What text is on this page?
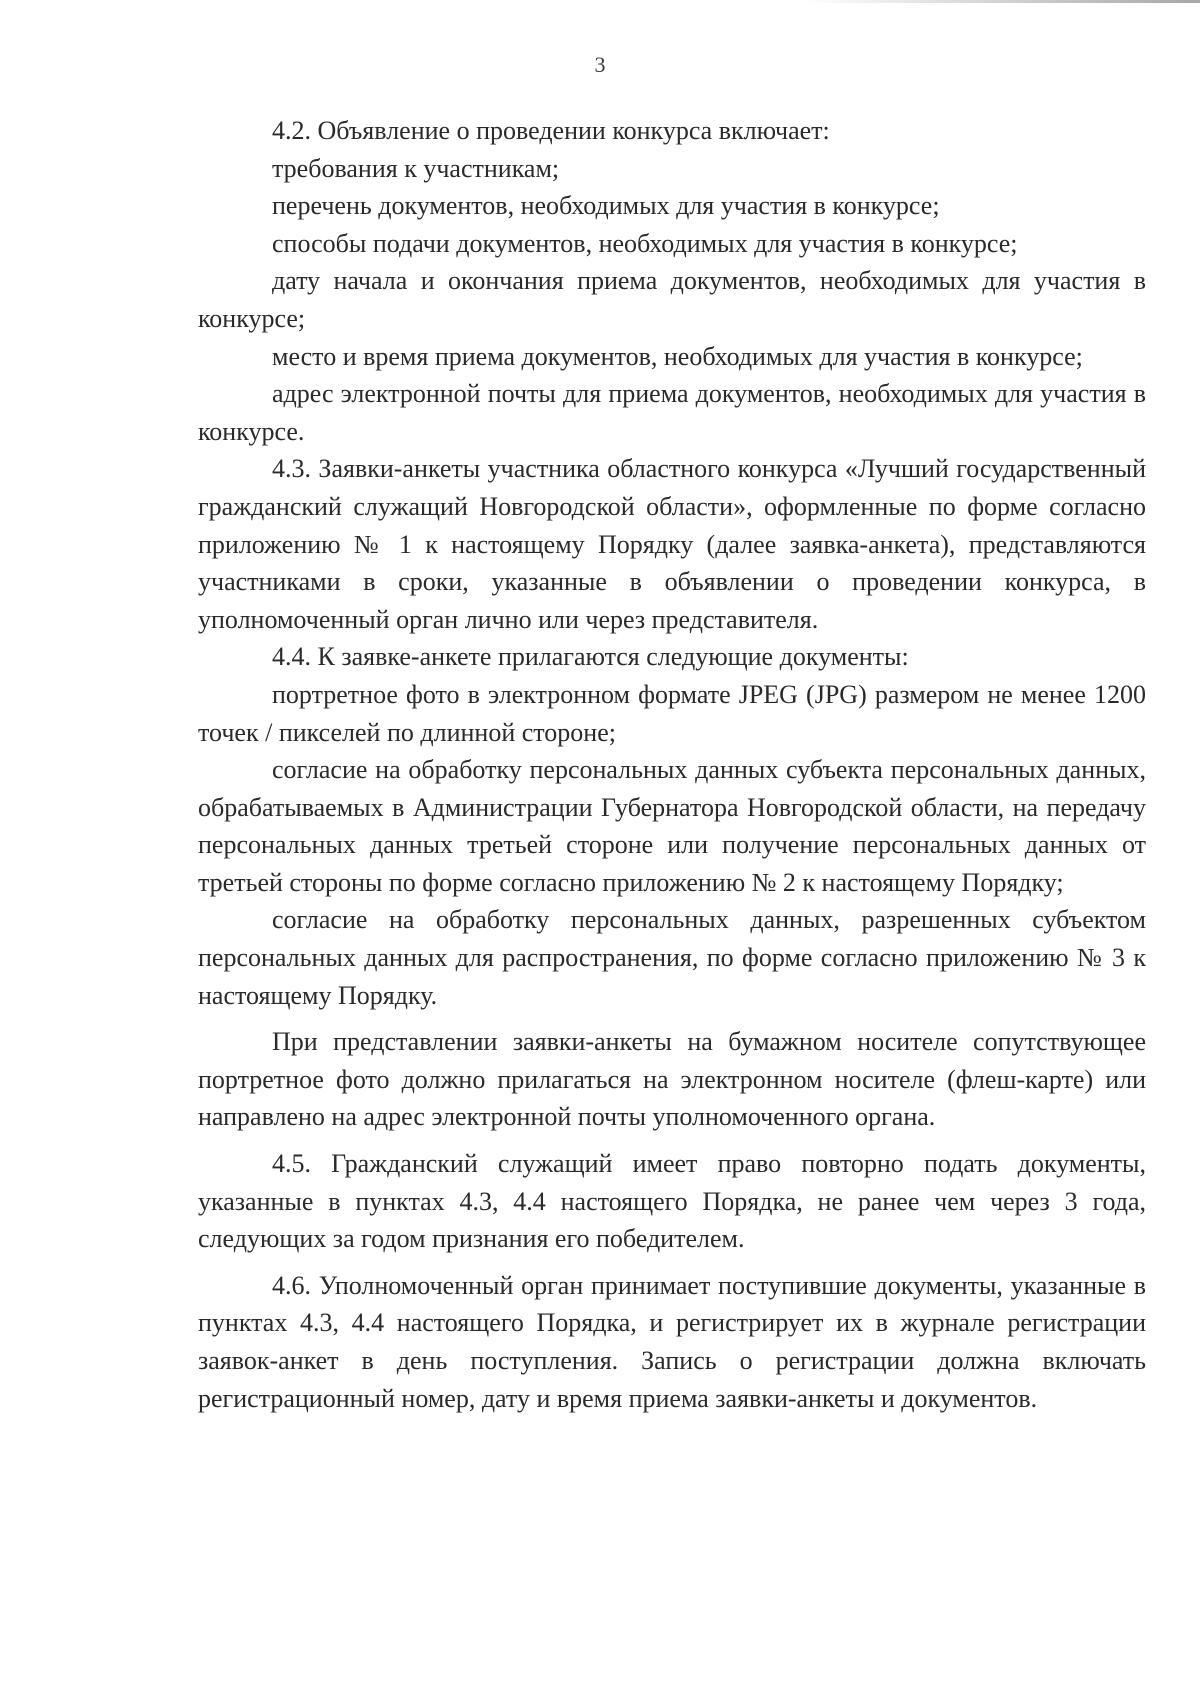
3

4.2. Объявление о проведении конкурса включает:

требования к участникам;

перечень документов, необходимых для участия в конкурсе;

способы подачи документов, необходимых для участия в конкурсе;

дату начала и окончания приема документов, необходимых для участия в конкурсе;

место и время приема документов, необходимых для участия в конкурсе;

адрес электронной почты для приема документов, необходимых для участия в конкурсе.

4.3. Заявки-анкеты участника областного конкурса «Лучший государственный гражданский служащий Новгородской области», оформленные по форме согласно приложению № 1 к настоящему Порядку (далее заявка-анкета), представляются участниками в сроки, указанные в объявлении о проведении конкурса, в уполномоченный орган лично или через представителя.

4.4. К заявке-анкете прилагаются следующие документы:

портретное фото в электронном формате JPEG (JPG) размером не менее 1200 точек / пикселей по длинной стороне;

согласие на обработку персональных данных субъекта персональных данных, обрабатываемых в Администрации Губернатора Новгородской области, на передачу персональных данных третьей стороне или получение персональных данных от третьей стороны по форме согласно приложению № 2 к настоящему Порядку;

согласие на обработку персональных данных, разрешенных субъектом персональных данных для распространения, по форме согласно приложению № 3 к настоящему Порядку.

При представлении заявки-анкеты на бумажном носителе сопутствующее портретное фото должно прилагаться на электронном носителе (флеш-карте) или направлено на адрес электронной почты уполномоченного органа.

4.5. Гражданский служащий имеет право повторно подать документы, указанные в пунктах 4.3, 4.4 настоящего Порядка, не ранее чем через 3 года, следующих за годом признания его победителем.

4.6. Уполномоченный орган принимает поступившие документы, указанные в пунктах 4.3, 4.4 настоящего Порядка, и регистрирует их в журнале регистрации заявок-анкет в день поступления. Запись о регистрации должна включать регистрационный номер, дату и время приема заявки-анкеты и документов.
